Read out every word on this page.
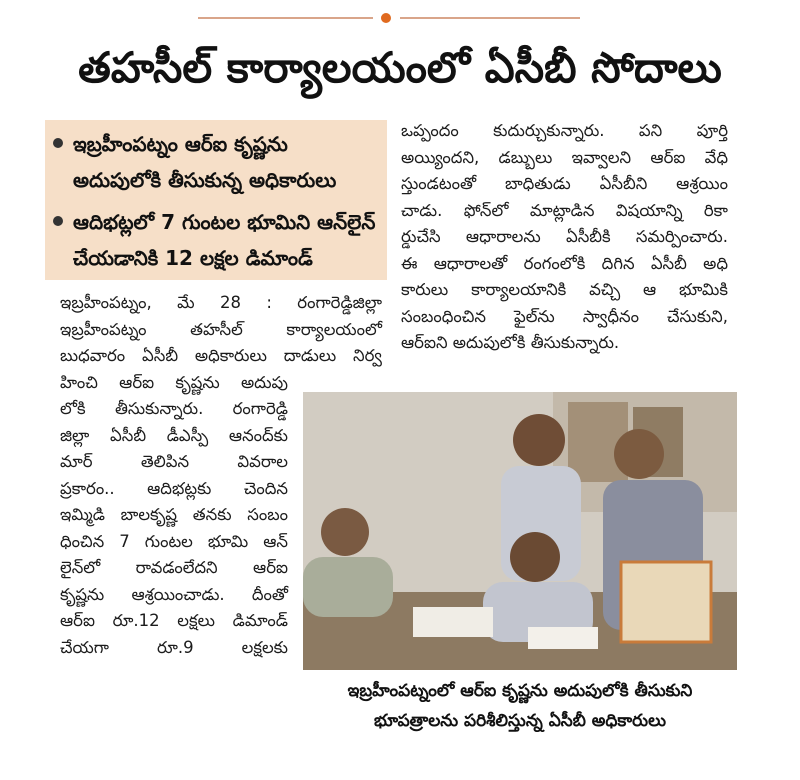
తహసీల్ కార్యాలయంలో ఏసీబీ సోదాలు
ఇబ్రహీంపట్నం ఆర్ఐ కృష్ణను అదుపులోకి తీసుకున్న అధికారులు
ఆదిభట్లలో 7 గుంటల భూమిని ఆన్‌లైన్ చేయడానికి 12 లక్షల డిమాండ్
ఇబ్రహీంపట్నం, మే 28 : రంగారెడ్డిజిల్లా
ఇబ్రహీంపట్నం తహసీల్ కార్యాలయంలో
బుధవారం ఏసీబీ అధికారులు దాడులు నిర్వ
హించి ఆర్ఐ కృష్ణను అదుపు
లోకి తీసుకున్నారు. రంగారెడ్డి
జిల్లా ఏసీబీ డీఎస్పీ ఆనంద్‌కు
మార్ తెలిపిన వివరాల
ప్రకారం.. ఆదిభట్లకు చెందిన
ఇమ్మిడి బాలకృష్ణ తనకు సంబం
ధించిన 7 గుంటల భూమి ఆన్
లైన్‌లో రావడంలేదని ఆర్ఐ
కృష్ణను ఆశ్రయించాడు. దీంతో
ఆర్ఐ రూ.12 లక్షలు డిమాండ్
చేయగా రూ.9 లక్షలకు

ఒప్పందం కుదుర్చుకున్నారు. పని పూర్తి

అయ్యిందని, డబ్బులు ఇవ్వాలని ఆర్ఐ వేధి

స్తుండటంతో బాధితుడు ఏసీబీని ఆశ్రయిం

చాడు. ఫోన్‌లో మాట్లాడిన విషయాన్ని రికా

ర్డుచేసి ఆధారాలను ఏసీబీకి సమర్పించారు.

ఈ ఆధారాలతో రంగంలోకి దిగిన ఏసీబీ అధి

కారులు కార్యాలయానికి వచ్చి ఆ భూమికి

సంబంధించిన ఫైల్‌ను స్వాధీనం చేసుకుని,

ఆర్ఐని అదుపులోకి తీసుకున్నారు.

ఇబ్రహీంపట్నంలో ఆర్ఐ కృష్ణను అదుపులోకి తీసుకుని
భూపత్రాలను పరిశీలిస్తున్న ఏసీబీ అధికారులు
